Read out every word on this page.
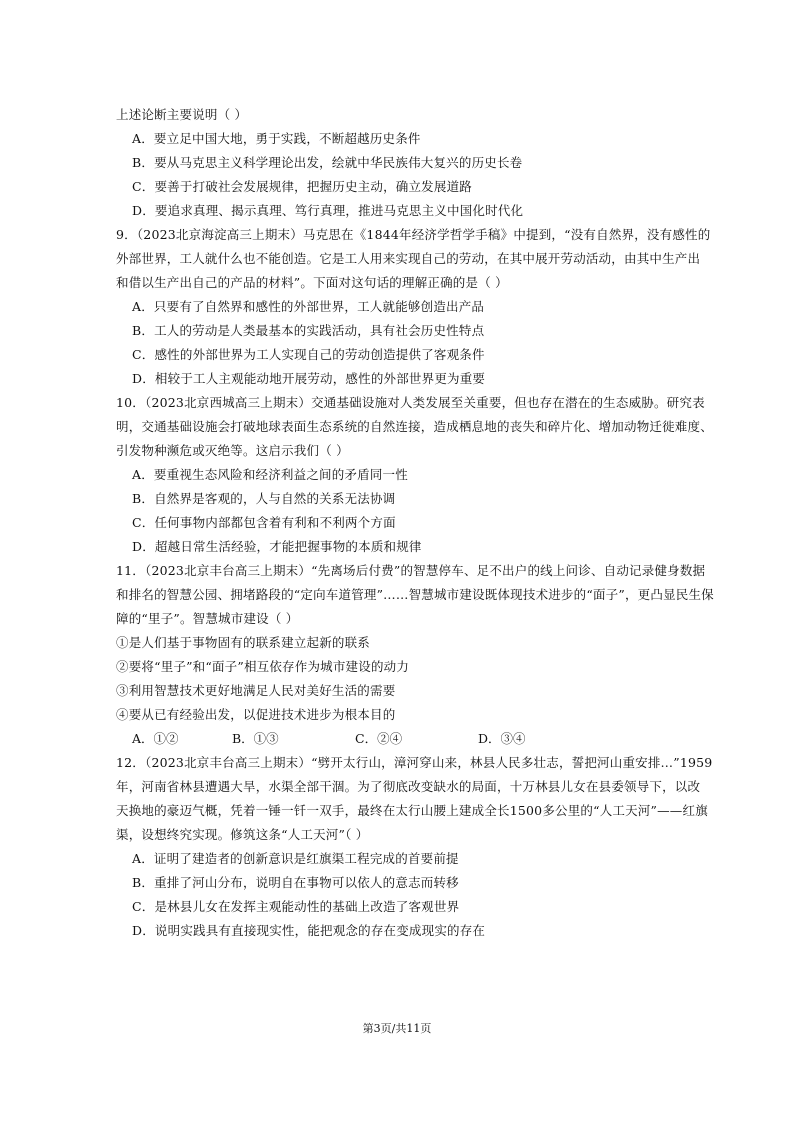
上述论断主要说明（ ）
A．要立足中国大地，勇于实践，不断超越历史条件
B．要从马克思主义科学理论出发，绘就中华民族伟大复兴的历史长卷
C．要善于打破社会发展规律，把握历史主动，确立发展道路
D．要追求真理、揭示真理、笃行真理，推进马克思主义中国化时代化
9．（2023北京海淀高三上期末）马克思在《1844年经济学哲学手稿》中提到，“没有自然界，没有感性的
外部世界，工人就什么也不能创造。它是工人用来实现自己的劳动，在其中展开劳动活动，由其中生产出
和借以生产出自己的产品的材料”。下面对这句话的理解正确的是（ ）
A．只要有了自然界和感性的外部世界，工人就能够创造出产品
B．工人的劳动是人类最基本的实践活动，具有社会历史性特点
C．感性的外部世界为工人实现自己的劳动创造提供了客观条件
D．相较于工人主观能动地开展劳动，感性的外部世界更为重要
10．（2023北京西城高三上期末）交通基础设施对人类发展至关重要，但也存在潜在的生态威胁。研究表
明，交通基础设施会打破地球表面生态系统的自然连接，造成栖息地的丧失和碎片化、增加动物迁徙难度、
引发物种濒危或灭绝等。这启示我们（ ）
A．要重视生态风险和经济利益之间的矛盾同一性
B．自然界是客观的，人与自然的关系无法协调
C．任何事物内部都包含着有利和不利两个方面
D．超越日常生活经验，才能把握事物的本质和规律
11．（2023北京丰台高三上期末）“先离场后付费”的智慧停车、足不出户的线上问诊、自动记录健身数据
和排名的智慧公园、拥堵路段的“定向车道管理”……智慧城市建设既体现技术进步的“面子”，更凸显民生保
障的“里子”。智慧城市建设（ ）
①是人们基于事物固有的联系建立起新的联系
②要将“里子”和“面子”相互依存作为城市建设的动力
③利用智慧技术更好地满足人民对美好生活的需要
④要从已有经验出发，以促进技术进步为根本目的
A．①②	B．①③	C．②④	D．③④
12．（2023北京丰台高三上期末）“劈开太行山，漳河穿山来，林县人民多壮志，誓把河山重安排…”1959
年，河南省林县遭遇大旱，水渠全部干涸。为了彻底改变缺水的局面，十万林县儿女在县委领导下，以改
天换地的豪迈气概，凭着一锤一钎一双手，最终在太行山腰上建成全长1500多公里的“人工天河”——红旗
渠，设想终究实现。修筑这条“人工天河”（ ）
A．证明了建造者的创新意识是红旗渠工程完成的首要前提
B．重排了河山分布，说明自在事物可以依人的意志而转移
C．是林县儿女在发挥主观能动性的基础上改造了客观世界
D．说明实践具有直接现实性，能把观念的存在变成现实的存在
第3页/共11页
